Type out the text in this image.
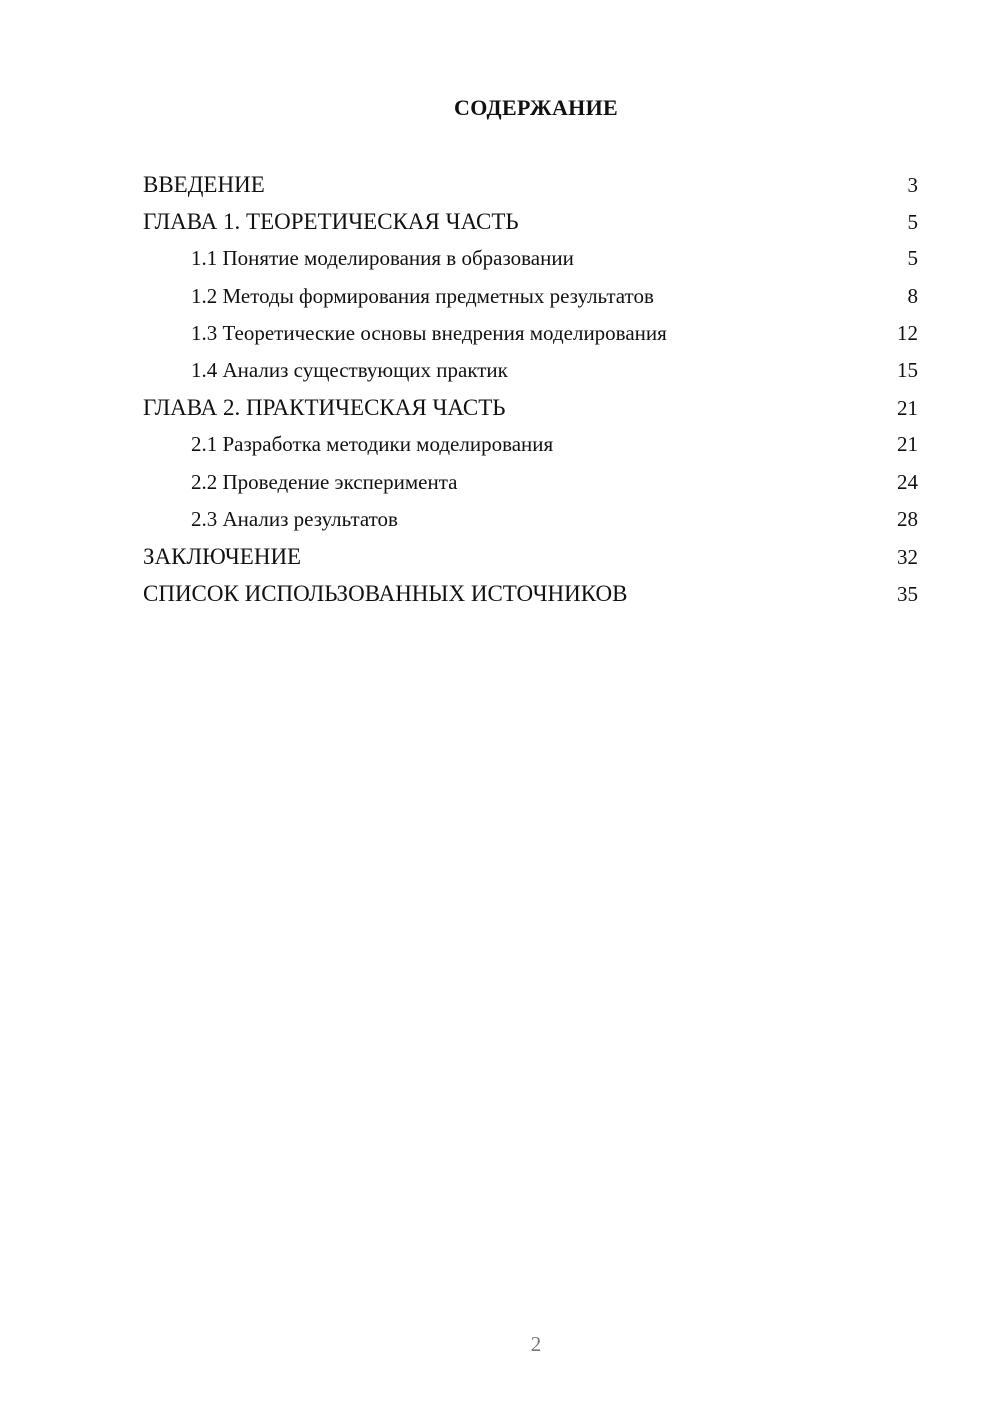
СОДЕРЖАНИЕ
ВВЕДЕНИЕ	3
ГЛАВА 1. ТЕОРЕТИЧЕСКАЯ ЧАСТЬ	5
1.1 Понятие моделирования в образовании	5
1.2 Методы формирования предметных результатов	8
1.3 Теоретические основы внедрения моделирования	12
1.4 Анализ существующих практик	15
ГЛАВА 2. ПРАКТИЧЕСКАЯ ЧАСТЬ	21
2.1 Разработка методики моделирования	21
2.2 Проведение эксперимента	24
2.3 Анализ результатов	28
ЗАКЛЮЧЕНИЕ	32
СПИСОК ИСПОЛЬЗОВАННЫХ ИСТОЧНИКОВ	35
2
